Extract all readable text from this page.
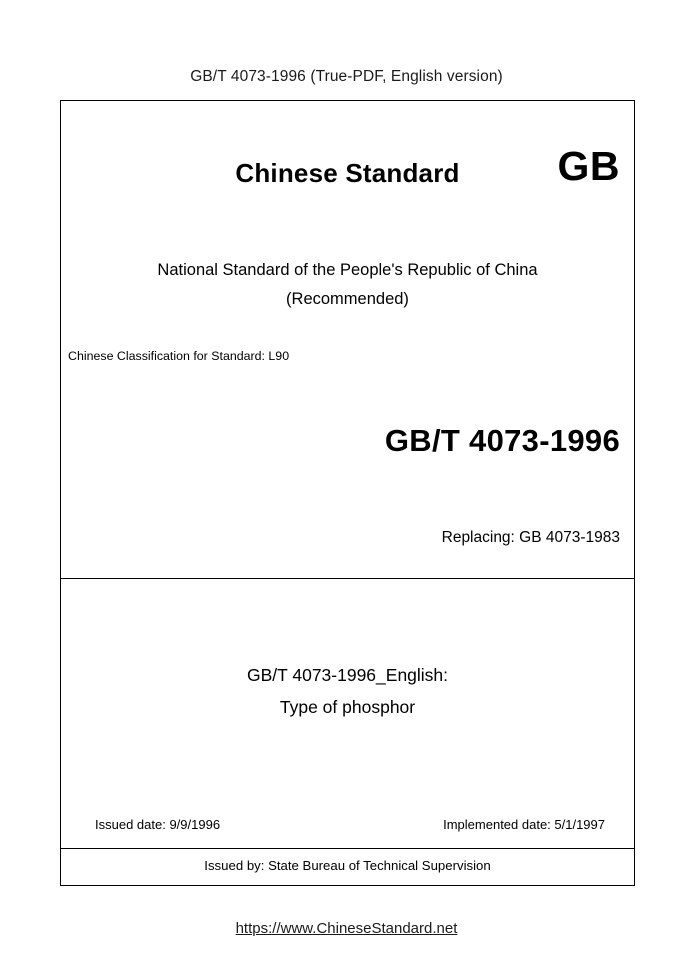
GB/T 4073-1996 (True-PDF, English version)
Chinese Standard	GB
National Standard of the People's Republic of China
(Recommended)
Chinese Classification for Standard: L90
GB/T 4073-1996
Replacing: GB 4073-1983
GB/T 4073-1996_English:
Type of phosphor
Issued date: 9/9/1996	Implemented date: 5/1/1997
Issued by: State Bureau of Technical Supervision
https://www.ChineseStandard.net
